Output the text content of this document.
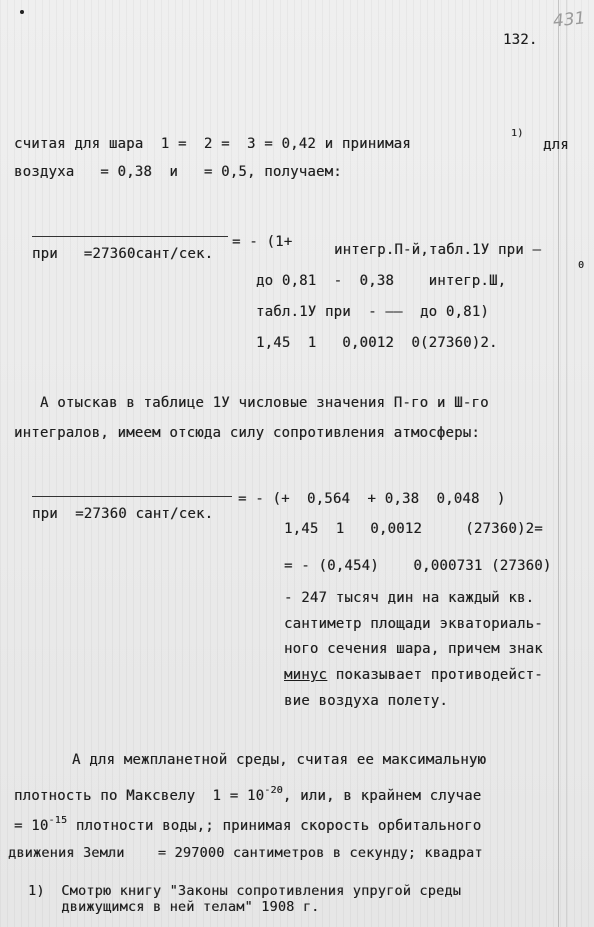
431
132.
считая для шара  1 =  2 =  3 = 0,42 и принимая
1)
для
воздуха   = 0,38  и   = 0,5, получаем:
при   =27360сант/сек.
= - (1+	интегр.П-й,табл.1У при —
0
до 0,81  -  0,38    интегр.Ш,
табл.1У при  - ——  до 0,81)
1,45  1   0,0012  0(27360)2.
А отыскав в таблице 1У числовые значения П-го и Ш-го
интегралов, имеем отсюда силу сопротивления атмосферы:
при  =27360 сант/сек.
= - (+  0,564  + 0,38  0,048  )
1,45  1   0,0012     (27360)2=
= - (0,454)    0,000731 (27360)
- 247 тысяч дин на каждый кв.
сантиметр площади экваториаль-
ного сечения шара, причем знак
минус показывает противодейст-
вие воздуха полету.
А для межпланетной среды, считая ее максимальную
плотность по Максвелу  $1 = 10^{-20}$, или, в крайнем случае
= $10^{-15}$ плотности воды,; принимая скорость орбитального
движения Земли    = 297000 сантиметров в секунду; квадрат
1)  Смотрю книгу "Законы сопротивления упругой среды
движущимся в ней телам" 1908 г.
